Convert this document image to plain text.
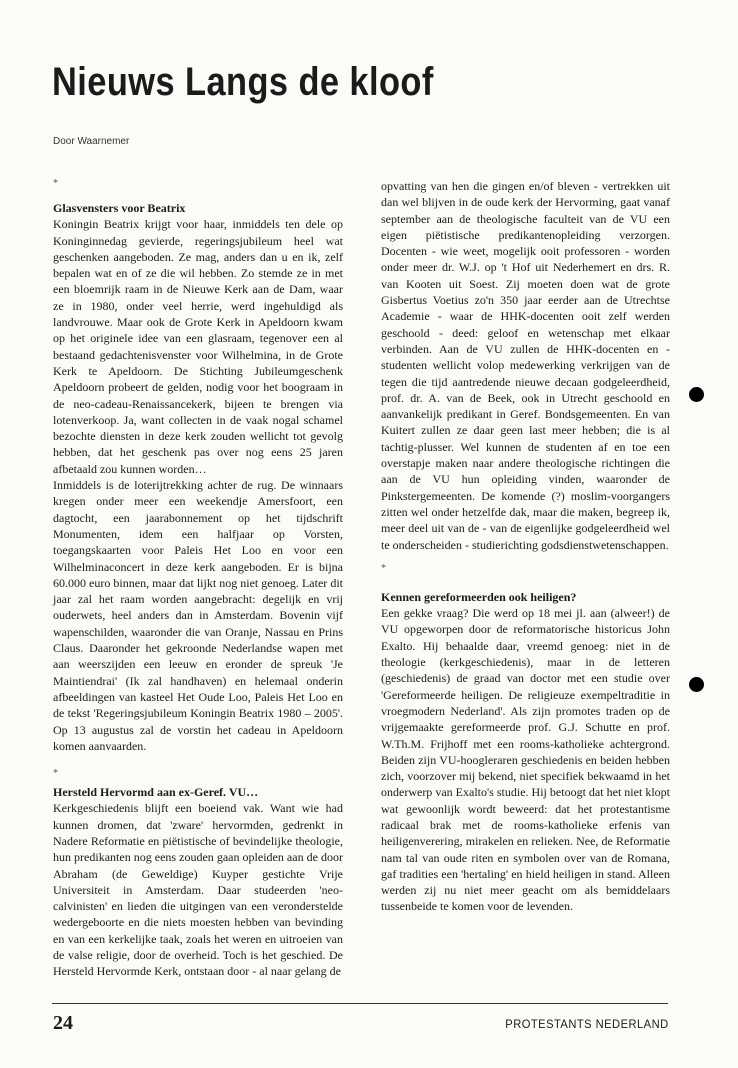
Nieuws Langs de kloof
Door Waarnemer
*

Glasvensters voor Beatrix

Koningin Beatrix krijgt voor haar, inmiddels ten dele op Koninginnedag gevierde, regeringsjubileum heel wat geschenken aangeboden. Ze mag, anders dan u en ik, zelf bepalen wat en of ze die wil hebben. Zo stemde ze in met een bloemrijk raam in de Nieuwe Kerk aan de Dam, waar ze in 1980, onder veel herrie, werd ingehuldigd als landvrouwe. Maar ook de Grote Kerk in Apeldoorn kwam op het originele idee van een glasraam, tegenover een al bestaand gedachtenisvenster voor Wilhelmina, in de Grote Kerk te Apeldoorn. De Stichting Jubileumgeschenk Apeldoorn probeert de gelden, nodig voor het boograam in de neo-cadeau-Renaissancekerk, bijeen te brengen via lotenverkoop. Ja, want collecten in de vaak nogal schamel bezochte diensten in deze kerk zouden wellicht tot gevolg hebben, dat het geschenk pas over nog eens 25 jaren afbetaald zou kunnen worden…

Inmiddels is de loterijtrekking achter de rug. De winnaars kregen onder meer een weekendje Amersfoort, een dagtocht, een jaarabonnement op het tijdschrift Monumenten, idem een halfjaar op Vorsten, toegangskaarten voor Paleis Het Loo en voor een Wilhelminaconcert in deze kerk aangeboden. Er is bijna 60.000 euro binnen, maar dat lijkt nog niet genoeg. Later dit jaar zal het raam worden aangebracht: degelijk en vrij ouderwets, heel anders dan in Amsterdam. Bovenin vijf wapenschilden, waaronder die van Oranje, Nassau en Prins Claus. Daaronder het gekroonde Nederlandse wapen met aan weerszijden een leeuw en eronder de spreuk 'Je Maintiendrai' (Ik zal handhaven) en helemaal onderin afbeeldingen van kasteel Het Oude Loo, Paleis Het Loo en de tekst 'Regeringsjubileum Koningin Beatrix 1980 – 2005'. Op 13 augustus zal de vorstin het cadeau in Apeldoorn komen aanvaarden.

*

Hersteld Hervormd aan ex-Geref. VU…

Kerkgeschiedenis blijft een boeiend vak. Want wie had kunnen dromen, dat 'zware' hervormden, gedrenkt in Nadere Reformatie en piëtistische of bevindelijke theologie, hun predikanten nog eens zouden gaan opleiden aan de door Abraham (de Geweldige) Kuyper gestichte Vrije Universiteit in Amsterdam. Daar studeerden 'neo-calvinisten' en lieden die uitgingen van een veronderstelde wedergeboorte en die niets moesten hebben van bevinding en van een kerkelijke taak, zoals het weren en uitroeien van de valse religie, door de overheid. Toch is het geschied. De Hersteld Hervormde Kerk, ontstaan door - al naar gelang de

opvatting van hen die gingen en/of bleven - vertrekken uit dan wel blijven in de oude kerk der Hervorming, gaat vanaf september aan de theologische faculteit van de VU een eigen piëtistische predikantenopleiding verzorgen. Docenten - wie weet, mogelijk ooit professoren - worden onder meer dr. W.J. op 't Hof uit Nederhemert en drs. R. van Kooten uit Soest. Zij moeten doen wat de grote Gisbertus Voetius zo'n 350 jaar eerder aan de Utrechtse Academie - waar de HHK-docenten ooit zelf werden geschoold - deed: geloof en wetenschap met elkaar verbinden. Aan de VU zullen de HHK-docenten en - studenten wellicht volop medewerking verkrijgen van de tegen die tijd aantredende nieuwe decaan godgeleerdheid, prof. dr. A. van de Beek, ook in Utrecht geschoold en aanvankelijk predikant in Geref. Bondsgemeenten. En van Kuitert zullen ze daar geen last meer hebben; die is al tachtig-plusser. Wel kunnen de studenten af en toe een overstapje maken naar andere theologische richtingen die aan de VU hun opleiding vinden, waaronder de Pinkstergemeenten. De komende (?) moslim-voorgangers zitten wel onder hetzelfde dak, maar die maken, begreep ik, meer deel uit van de - van de eigenlijke godgeleerdheid wel te onderscheiden - studierichting godsdienstwetenschappen.

*

Kennen gereformeerden ook heiligen?

Een gekke vraag? Die werd op 18 mei jl. aan (alweer!) de VU opgeworpen door de reformatorische historicus John Exalto. Hij behaalde daar, vreemd genoeg: niet in de theologie (kerkgeschiedenis), maar in de letteren (geschiedenis) de graad van doctor met een studie over 'Gereformeerde heiligen. De religieuze exempeltraditie in vroegmodern Nederland'. Als zijn promotes traden op de vrijgemaakte gereformeerde prof. G.J. Schutte en prof. W.Th.M. Frijhoff met een rooms-katholieke achtergrond. Beiden zijn VU-hoogleraren geschiedenis en beiden hebben zich, voorzover mij bekend, niet specifiek bekwaamd in het onderwerp van Exalto's studie. Hij betoogt dat het niet klopt wat gewoonlijk wordt beweerd: dat het protestantisme radicaal brak met de rooms-katholieke erfenis van heiligenverering, mirakelen en relieken. Nee, de Reformatie nam tal van oude riten en symbolen over van de Romana, gaf tradities een 'hertaling' en hield heiligen in stand. Alleen werden zij nu niet meer geacht om als bemiddelaars tussenbeide te komen voor de levenden.

24	PROTESTANTS NEDERLAND
